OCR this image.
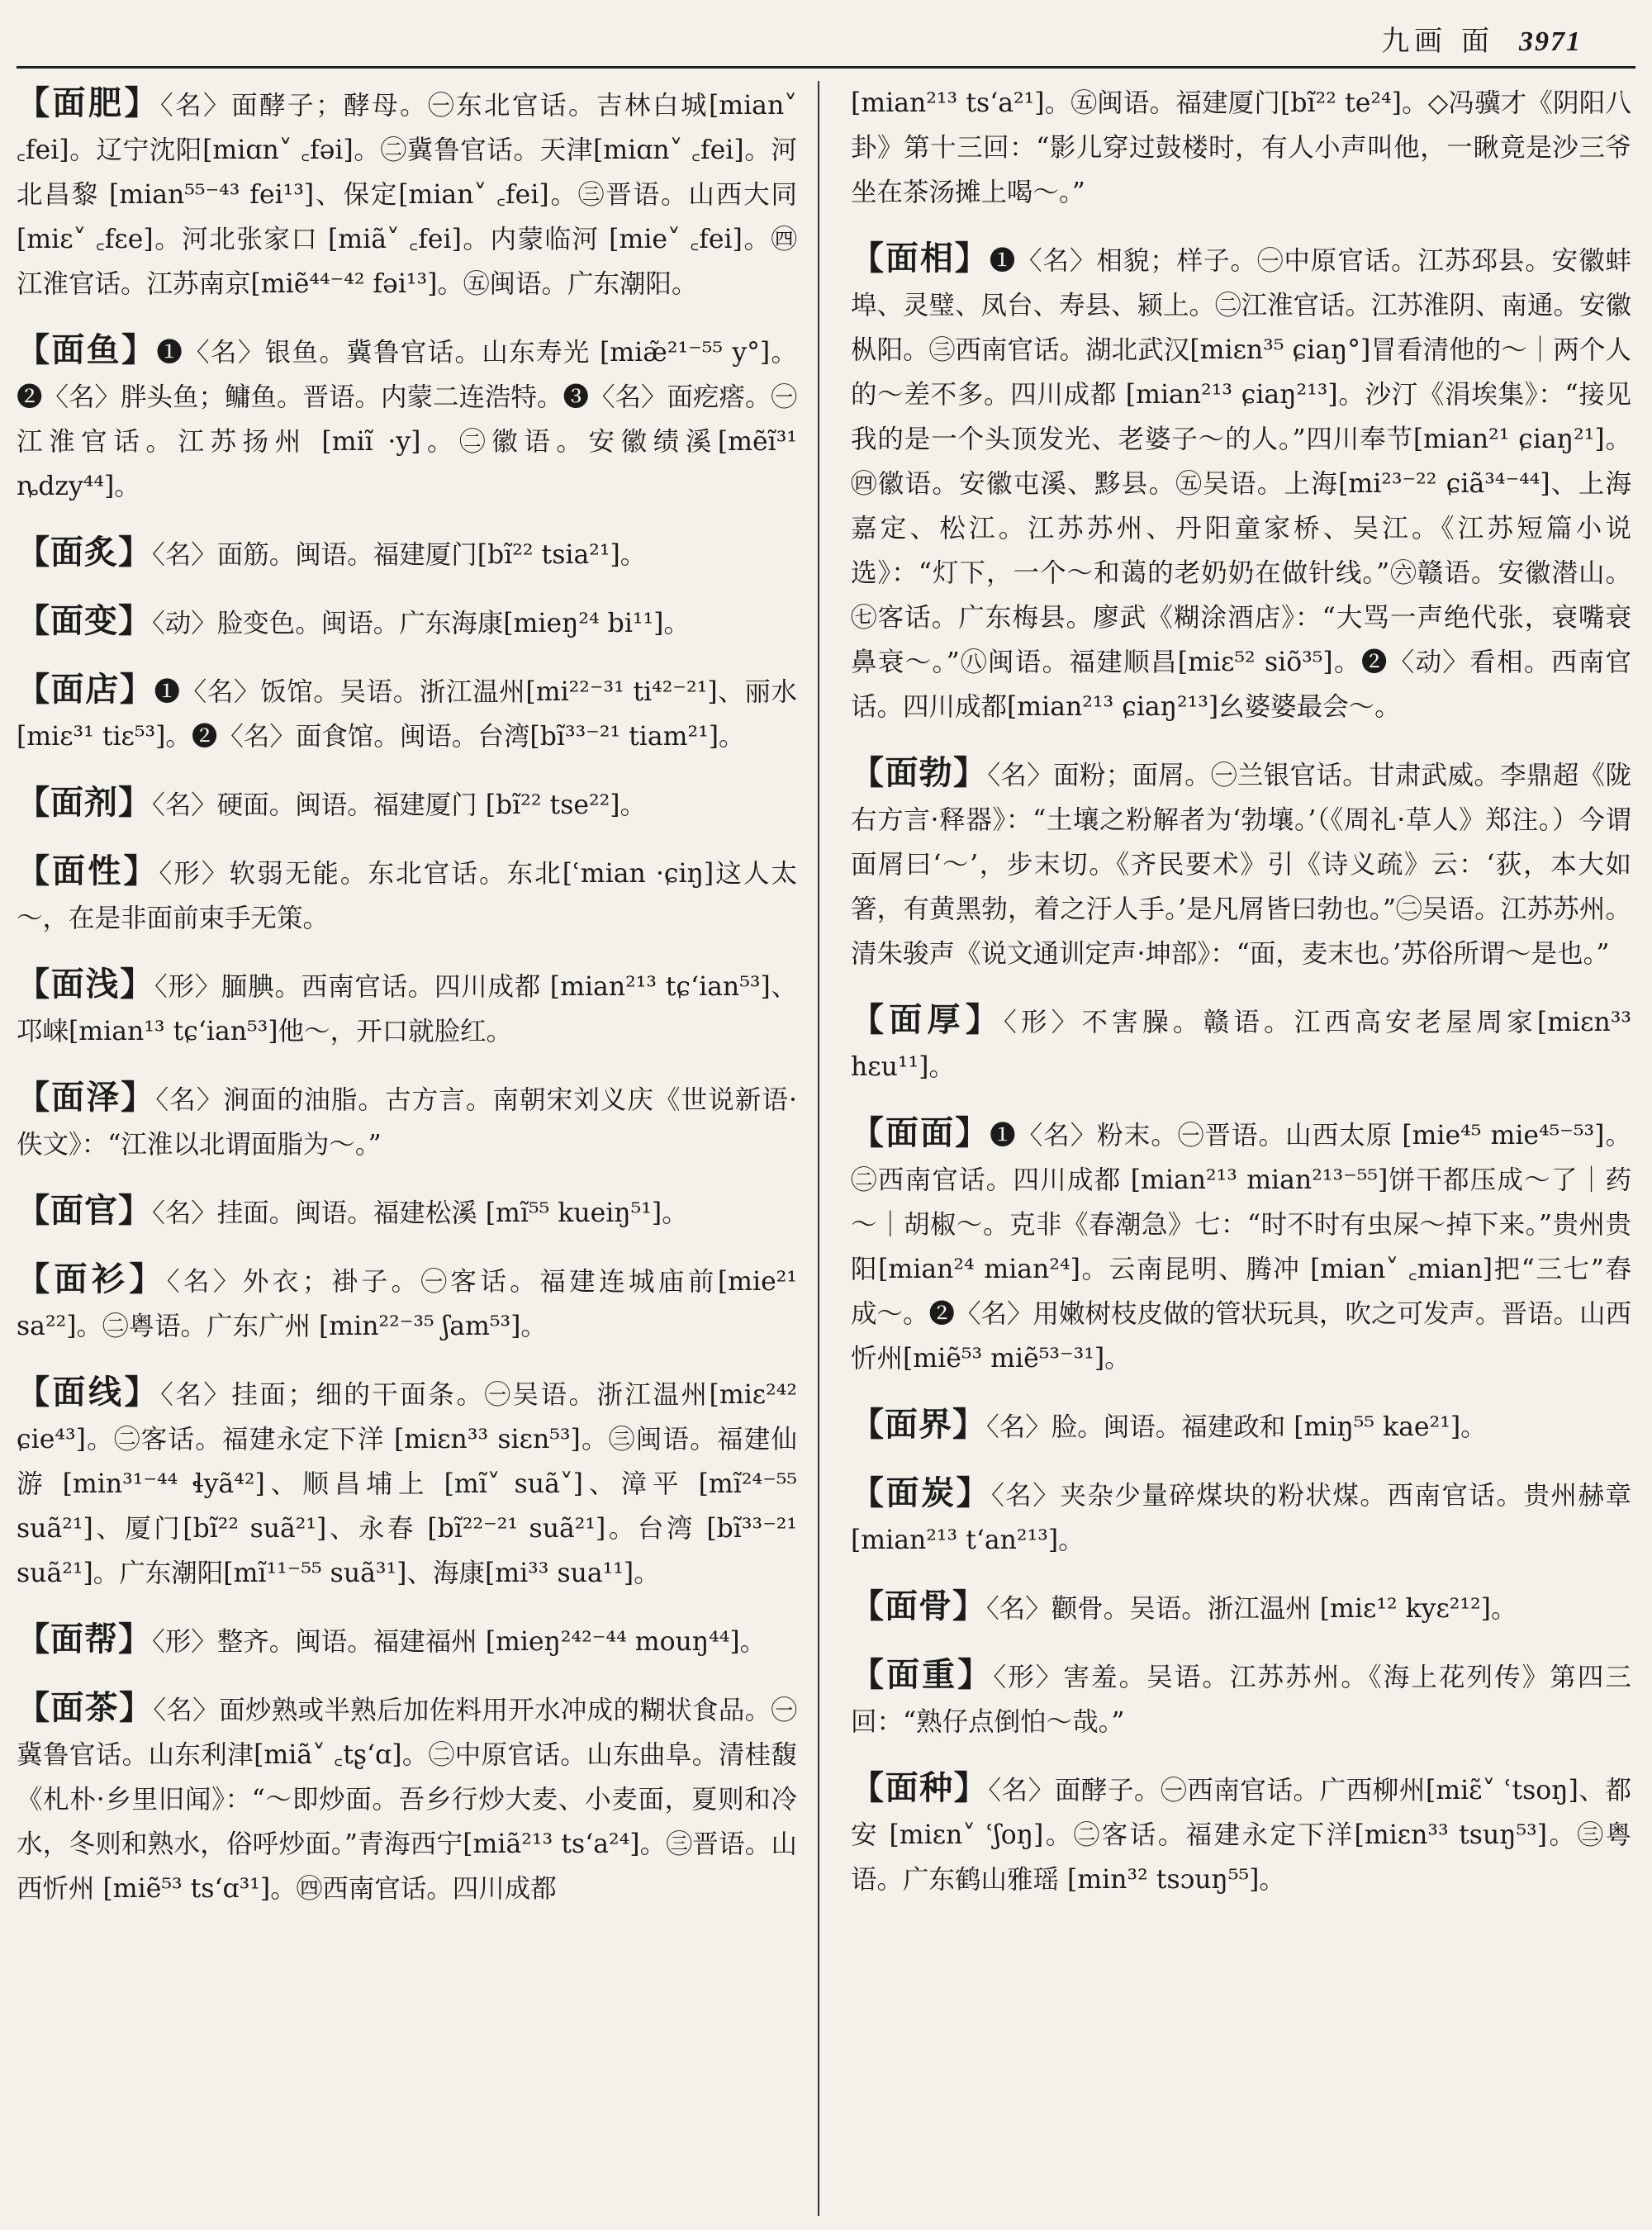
九画 面 3971
【面肥】〈名〉面酵子；酵母。㊀东北官话。吉林白城[mian˅ ꜀fei]。辽宁沈阳[miɑn˅ ꜀fəi]。㊁冀鲁官话。天津[miɑn˅ ꜀fei]。河北昌黎 [mian⁵⁵⁻⁴³ fei¹³]、保定[mian˅ ꜀fei]。㊂晋语。山西大同[miɛ˅ ꜀fɛe]。河北张家口 [miã˅ ꜀fei]。内蒙临河 [mie˅ ꜀fei]。㊃江淮官话。江苏南京[miẽ⁴⁴⁻⁴² fəi¹³]。㊄闽语。广东潮阳。
【面鱼】❶〈名〉银鱼。冀鲁官话。山东寿光 [miæ̃²¹⁻⁵⁵ y°]。❷〈名〉胖头鱼；鳙鱼。晋语。内蒙二连浩特。❸〈名〉面疙瘩。㊀江淮官话。江苏扬州 [miĩ ·y]。㊁徽语。安徽绩溪[mẽĩ³¹ ȵdzy⁴⁴]。
【面炙】〈名〉面筋。闽语。福建厦门[bĩ²² tsia²¹]。
【面变】〈动〉脸变色。闽语。广东海康[mieŋ²⁴ bi¹¹]。
【面店】❶〈名〉饭馆。吴语。浙江温州[mi²²⁻³¹ ti⁴²⁻²¹]、丽水 [miɛ³¹ tiɛ⁵³]。❷〈名〉面食馆。闽语。台湾[bĩ³³⁻²¹ tiam²¹]。
【面剂】〈名〉硬面。闽语。福建厦门 [bĩ²² tse²²]。
【面性】〈形〉软弱无能。东北官话。东北[ʿmian ·ɕiŋ]这人太～，在是非面前束手无策。
【面浅】〈形〉腼腆。西南官话。四川成都 [mian²¹³ tɕʻian⁵³]、邛崃[mian¹³ tɕʻian⁵³]他～，开口就脸红。
【面泽】〈名〉涧面的油脂。古方言。南朝宋刘义庆《世说新语·佚文》：“江淮以北谓面脂为～。”
【面官】〈名〉挂面。闽语。福建松溪 [mĩ⁵⁵ kueiŋ⁵¹]。
【面衫】〈名〉外衣；褂子。㊀客话。福建连城庙前[mie²¹ sa²²]。㊁粤语。广东广州 [min²²⁻³⁵ ʃam⁵³]。
【面线】〈名〉挂面；细的干面条。㊀吴语。浙江温州[miɛ²⁴² ɕie⁴³]。㊁客话。福建永定下洋 [miɛn³³ siɛn⁵³]。㊂闽语。福建仙游 [min³¹⁻⁴⁴ ɬyã⁴²]、顺昌埔上 [mĩ˅ suã˅]、漳平 [mĩ²⁴⁻⁵⁵ suã²¹]、厦门[bĩ²² suã²¹]、永春 [bĩ²²⁻²¹ suã²¹]。台湾 [bĩ³³⁻²¹ suã²¹]。广东潮阳[mĩ¹¹⁻⁵⁵ suã³¹]、海康[mi³³ sua¹¹]。
【面帮】〈形〉整齐。闽语。福建福州 [mieŋ²⁴²⁻⁴⁴ mouŋ⁴⁴]。
【面茶】〈名〉面炒熟或半熟后加佐料用开水冲成的糊状食品。㊀冀鲁官话。山东利津[miã˅ ꜀tʂʻɑ]。㊁中原官话。山东曲阜。清桂馥《札朴·乡里旧闻》：“～即炒面。吾乡行炒大麦、小麦面，夏则和冷水，冬则和熟水，俗呼炒面。”青海西宁[miã²¹³ tsʻa²⁴]。㊂晋语。山西忻州 [miẽ⁵³ tsʻɑ³¹]。㊃西南官话。四川成都
[mian²¹³ tsʻa²¹]。㊄闽语。福建厦门[bĩ²² te²⁴]。◇冯骥才《阴阳八卦》第十三回：“影儿穿过鼓楼时，有人小声叫他，一瞅竟是沙三爷坐在茶汤摊上喝～。”
【面相】❶〈名〉相貌；样子。㊀中原官话。江苏邳县。安徽蚌埠、灵璧、凤台、寿县、颍上。㊁江淮官话。江苏淮阴、南通。安徽枞阳。㊂西南官话。湖北武汉[miɛn³⁵ ɕiaŋ°]冒看清他的～｜两个人的～差不多。四川成都 [mian²¹³ ɕiaŋ²¹³]。沙汀《涓埃集》：“接见我的是一个头顶发光、老婆子～的人。”四川奉节[mian²¹ ɕiaŋ²¹]。㊃徽语。安徽屯溪、黟县。㊄吴语。上海[mi²³⁻²² ɕiã³⁴⁻⁴⁴]、上海嘉定、松江。江苏苏州、丹阳童家桥、吴江。《江苏短篇小说选》：“灯下，一个～和蔼的老奶奶在做针线。”㊅赣语。安徽潜山。㊆客话。广东梅县。廖武《糊涂酒店》：“大骂一声绝代张，衰嘴衰鼻衰～。”㊇闽语。福建顺昌[miɛ⁵² siõ³⁵]。❷〈动〉看相。西南官话。四川成都[mian²¹³ ɕiaŋ²¹³]幺婆婆最会～。
【面勃】〈名〉面粉；面屑。㊀兰银官话。甘肃武威。李鼎超《陇右方言·释器》：“土壤之粉解者为‘勃壤。’（《周礼·草人》郑注。）今谓面屑曰‘～’，步末切。《齐民要术》引《诗义疏》云：‘荻，本大如箸，有黄黑勃，着之汙人手。’是凡屑皆曰勃也。”㊁吴语。江苏苏州。清朱骏声《说文通训定声·坤部》：“面，麦末也。’苏俗所谓～是也。”
【面厚】〈形〉不害臊。赣语。江西高安老屋周家[miɛn³³ hɛu¹¹]。
【面面】❶〈名〉粉末。㊀晋语。山西太原 [mie⁴⁵ mie⁴⁵⁻⁵³]。㊁西南官话。四川成都 [mian²¹³ mian²¹³⁻⁵⁵]饼干都压成～了｜药～｜胡椒～。克非《春潮急》七：“时不时有虫屎～掉下来。”贵州贵阳[mian²⁴ mian²⁴]。云南昆明、腾冲 [mian˅ ꜀mian]把“三七”舂成～。❷〈名〉用嫩树枝皮做的管状玩具，吹之可发声。晋语。山西忻州[miẽ⁵³ miẽ⁵³⁻³¹]。
【面界】〈名〉脸。闽语。福建政和 [miŋ⁵⁵ kae²¹]。
【面炭】〈名〉夹杂少量碎煤块的粉状煤。西南官话。贵州赫章[mian²¹³ tʻan²¹³]。
【面骨】〈名〉颧骨。吴语。浙江温州 [miɛ¹² kyɛ²¹²]。
【面重】〈形〉害羞。吴语。江苏苏州。《海上花列传》第四三回：“熟仔点倒怕～哉。”
【面种】〈名〉面酵子。㊀西南官话。广西柳州[miɛ̃˅ ʿtsoŋ]、都安 [miɛn˅ ʿʃoŋ]。㊁客话。福建永定下洋[miɛn³³ tsuŋ⁵³]。㊂粤语。广东鹤山雅瑶 [min³² tsɔuŋ⁵⁵]。
